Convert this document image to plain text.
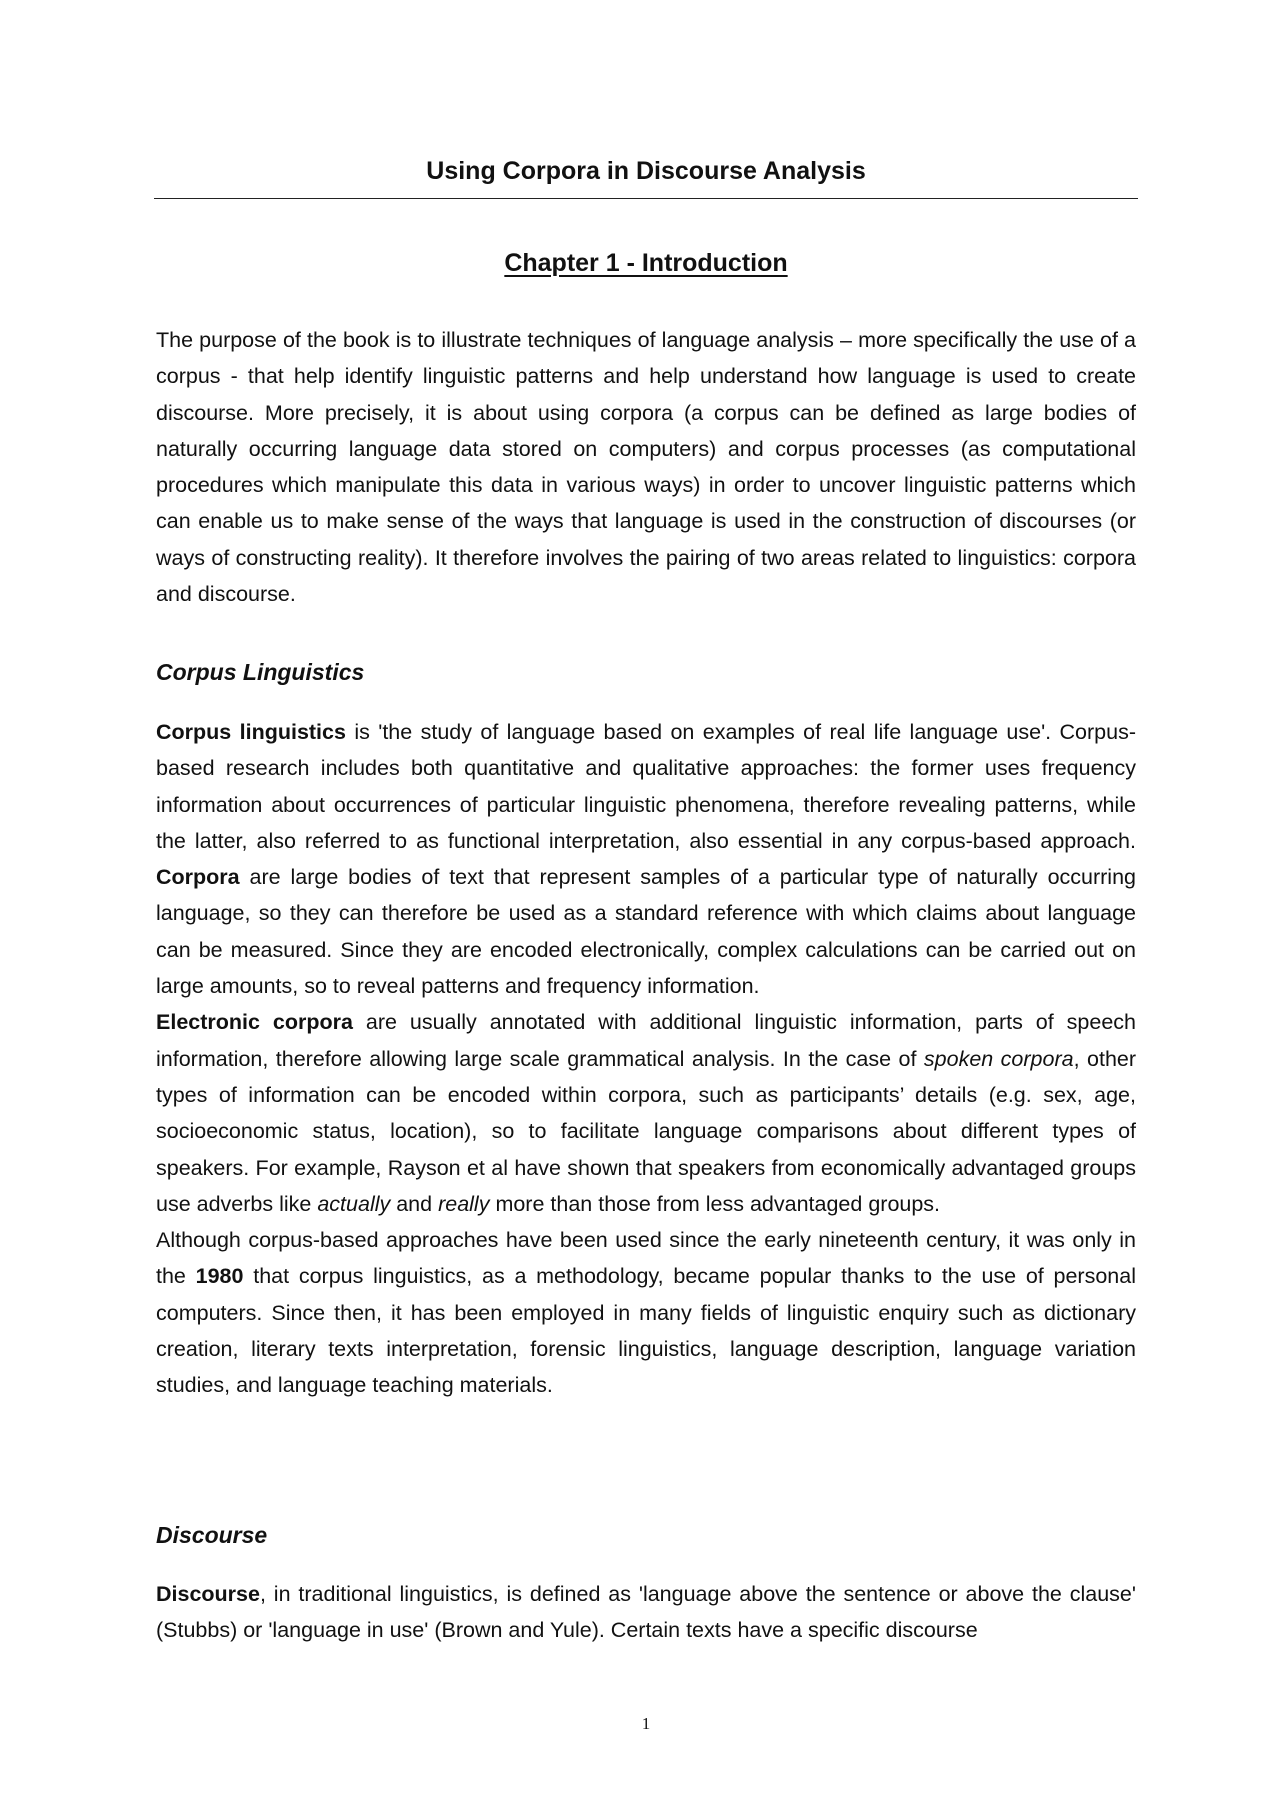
Using Corpora in Discourse Analysis
Chapter 1 - Introduction

The purpose of the book is to illustrate techniques of language analysis – more specifically the use of a corpus - that help identify linguistic patterns and help understand how language is used to create discourse. More precisely, it is about using corpora (a corpus can be defined as large bodies of naturally occurring language data stored on computers) and corpus processes (as computational procedures which manipulate this data in various ways) in order to uncover linguistic patterns which can enable us to make sense of the ways that language is used in the construction of discourses (or ways of constructing reality). It therefore involves the pairing of two areas related to linguistics: corpora and discourse.

Corpus Linguistics

Corpus linguistics is 'the study of language based on examples of real life language use'. Corpus-based research includes both quantitative and qualitative approaches: the former uses frequency information about occurrences of particular linguistic phenomena, therefore revealing patterns, while the latter, also referred to as functional interpretation, also essential in any corpus-based approach. Corpora are large bodies of text that represent samples of a particular type of naturally occurring language, so they can therefore be used as a standard reference with which claims about language can be measured. Since they are encoded electronically, complex calculations can be carried out on large amounts, so to reveal patterns and frequency information.
Electronic corpora are usually annotated with additional linguistic information, parts of speech information, therefore allowing large scale grammatical analysis. In the case of spoken corpora, other types of information can be encoded within corpora, such as participants’ details (e.g. sex, age, socioeconomic status, location), so to facilitate language comparisons about different types of speakers. For example, Rayson et al have shown that speakers from economically advantaged groups use adverbs like actually and really more than those from less advantaged groups.
Although corpus-based approaches have been used since the early nineteenth century, it was only in the 1980 that corpus linguistics, as a methodology, became popular thanks to the use of personal computers. Since then, it has been employed in many fields of linguistic enquiry such as dictionary creation, literary texts interpretation, forensic linguistics, language description, language variation studies, and language teaching materials.

Discourse

Discourse, in traditional linguistics, is defined as 'language above the sentence or above the clause' (Stubbs) or 'language in use' (Brown and Yule). Certain texts have a specific discourse

1
